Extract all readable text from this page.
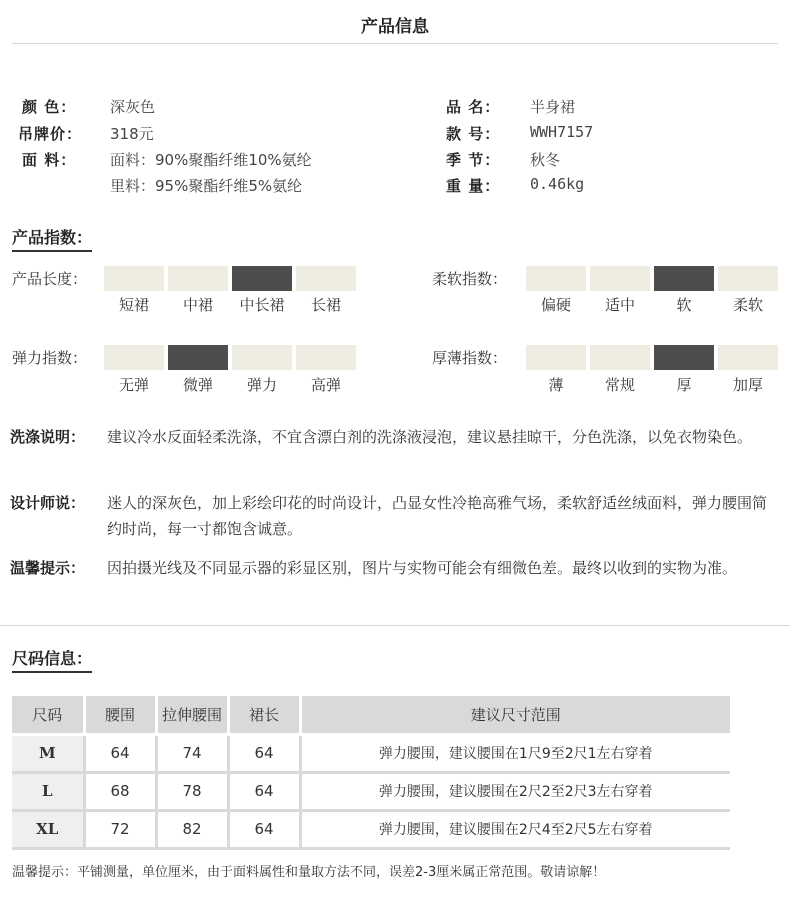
产品信息
颜 色： 深灰色
吊牌价： 318元
面 料： 面料：90%聚酯纤维10%氨纶
里料：95%聚酯纤维5%氨纶
品 名： 半身裙
款 号： WWH7157
季 节： 秋冬
重 量： 0.46kg
产品指数：
产品长度：
短裙	中裙	中长裙	长裙
柔软指数：
偏硬	适中	软	柔软
弹力指数：
无弹	微弹	弹力	高弹
厚薄指数：
薄	常规	厚	加厚
洗涤说明： 建议冷水反面轻柔洗涤，不宜含漂白剂的洗涤液浸泡，建议悬挂晾干，分色洗涤，以免衣物染色。
设计师说： 迷人的深灰色，加上彩绘印花的时尚设计，凸显女性冷艳高雅气场，柔软舒适丝绒面料，弹力腰围简约时尚，每一寸都饱含诚意。
温馨提示： 因拍摄光线及不同显示器的彩显区别，图片与实物可能会有细微色差。最终以收到的实物为准。
尺码信息：
尺码	腰围	拉伸腰围	裙长	建议尺寸范围
M	64	74	64	弹力腰围，建议腰围在1尺9至2尺1左右穿着
L	68	78	64	弹力腰围，建议腰围在2尺2至2尺3左右穿着
XL	72	82	64	弹力腰围，建议腰围在2尺4至2尺5左右穿着
温馨提示：平铺测量，单位厘米，由于面料属性和量取方法不同，误差2-3厘米属正常范围。敬请谅解！
